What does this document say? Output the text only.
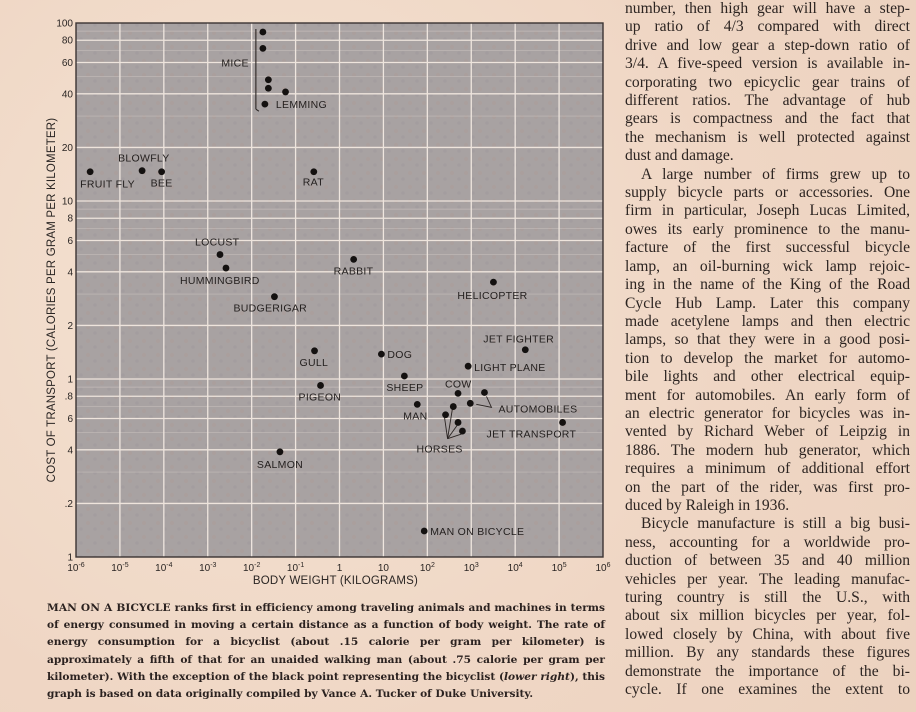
100
80
60
40
20
10
8
6
4
2
1
.8
6
4
.2
1
$10^{-6}$	$10^{-5}$	$10^{-4}$	$10^{-3}$	$10^{-2}$	$10^{-1}$	1	10	$10^2$	$10^3$	$10^4$	$10^5$	$10^6$
BODY WEIGHT (KILOGRAMS)
COST OF TRANSPORT (CALORIES PER GRAM PER KILOMETER)
MICE
LEMMING
BLOWFLY
FRUIT FLY BEE	RAT
LOCUST
HUMMINGBIRD
RABBIT
BUDGERIGAR
HELICOPTER
JET FIGHTER
GULL
DOG
LIGHT PLANE
SHEEP COW
PIGEON
MAN
AUTOMOBILES
JET TRANSPORT
HORSES
SALMON
MAN ON BICYCLE
MAN ON A BICYCLE ranks first in efficiency among traveling animals and machines in terms of energy consumed in moving a certain distance as a function of body weight. The rate of energy consumption for a bicyclist (about .15 calorie per gram per kilometer) is approximately a fifth of that for an unaided walking man (about .75 calorie per gram per kilometer). With the exception of the black point representing the bicyclist (lower right), this graph is based on data originally compiled by Vance A. Tucker of Duke University.
number, then high gear will have a step-
up ratio of 4/3 compared with direct
drive and low gear a step-down ratio of
3/4. A five-speed version is available in-
corporating two epicyclic gear trains of
different ratios. The advantage of hub
gears is compactness and the fact that
the mechanism is well protected against
dust and damage.
A large number of firms grew up to
supply bicycle parts or accessories. One
firm in particular, Joseph Lucas Limited,
owes its early prominence to the manu-
facture of the first successful bicycle
lamp, an oil-burning wick lamp rejoic-
ing in the name of the King of the Road
Cycle Hub Lamp. Later this company
made acetylene lamps and then electric
lamps, so that they were in a good posi-
tion to develop the market for automo-
bile lights and other electrical equip-
ment for automobiles. An early form of
an electric generator for bicycles was in-
vented by Richard Weber of Leipzig in
1886. The modern hub generator, which
requires a minimum of additional effort
on the part of the rider, was first pro-
duced by Raleigh in 1936.
Bicycle manufacture is still a big busi-
ness, accounting for a worldwide pro-
duction of between 35 and 40 million
vehicles per year. The leading manufac-
turing country is still the U.S., with
about six million bicycles per year, fol-
lowed closely by China, with about five
million. By any standards these figures
demonstrate the importance of the bi-
cycle. If one examines the extent to
